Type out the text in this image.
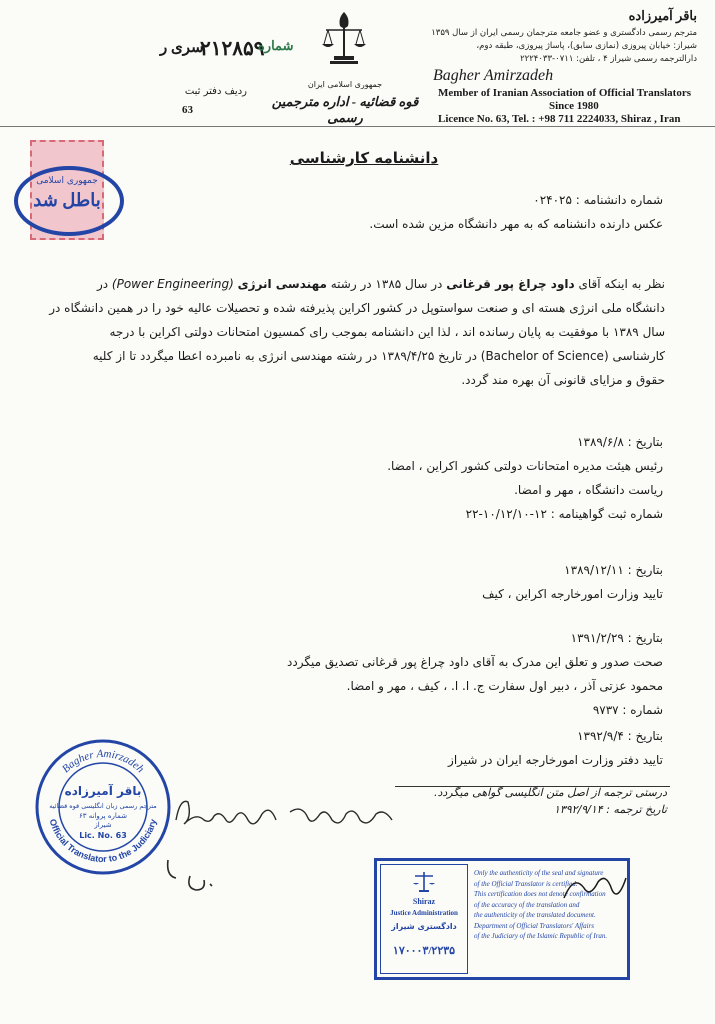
باقر آمیرزاده
مترجم رسمی دادگستری و عضو جامعه مترجمان رسمی ایران از سال ۱۳۵۹
شیراز: خیابان پیروزی (نمازی سابق)، پاساژ پیروزی، طبقه دوم،
دارالترجمه رسمی شیراز ۴ ، تلفن: ۰۷۱۱-۲۲۲۴۰۳۳
Bagher Amirzadeh
Member of Iranian Association of Official Translators
Since 1980
Licence No. 63, Tel. : +98 711 2224033, Shiraz , Iran
جمهوری اسلامی ایران
قوه قضائیه - اداره مترجمین رسمی
سری ر
۲۱۲۸۵۹
شماره
ردیف دفتر ثبت
63
جمهوری اسلامی
باطل شد
دانشنامه کارشناسی
شماره دانشنامه : ۰۲۴۰۲۵
عکس دارنده دانشنامه که به مهر دانشگاه مزین شده است.

نظر به اینکه آقای داود چراغ پور قرغانی در سال ۱۳۸۵ در رشته مهندسی انرژی (Power Engineering) در

دانشگاه ملی انرژی هسته ای و صنعت سواستوپل در کشور اکراین پذیرفته شده و تحصیلات عالیه خود را در همین دانشگاه در

سال ۱۳۸۹ با موفقیت به پایان رسانده اند ، لذا این دانشنامه بموجب رای کمسیون امتحانات دولتی اکراین با درجه

کارشناسی (Bachelor of Science) در تاریخ ۱۳۸۹/۴/۲۵ در رشته مهندسی انرژی به نامبرده اعطا میگردد تا از کلیه

حقوق و مزایای قانونی آن بهره مند گردد.

بتاریخ : ۱۳۸۹/۶/۸

رئیس هیئت مدیره امتحانات دولتی کشور اکراین ، امضا.

ریاست دانشگاه ، مهر و امضا.

شماره ثبت گواهینامه : ۱۲-۱۰/۱۲/۱۰-۲۲

بتاریخ : ۱۳۸۹/۱۲/۱۱

تایید وزارت امورخارجه اکراین ، کیف

بتاریخ : ۱۳۹۱/۲/۲۹

صحت صدور و تعلق این مدرک به آقای داود چراغ پور قرغانی تصدیق میگردد

محمود عزتی آذر ، دبیر اول سفارت ج. ا. ا. ، کیف ، مهر و امضا.

شماره : ۹۷۳۷

بتاریخ : ۱۳۹۲/۹/۴

تایید دفتر وزارت امورخارجه ایران در شیراز

درستی ترجمه از اصل متن انگلیسی گواهی میگردد.
تاریخ ترجمه : ۱۳۹۲/۹/۱۴
Bagher Amirzadeh
Official Translator to the Judiciary
باقر آمیرزاده
مترجم رسمی زبان انگلیسی قوه قضائیه
شماره پروانه ۶۳
شیراز
Lic. No. 63
Shiraz
Justice Administration
دادگستری شیراز
۱۷۰۰۰۳/۲۲۳۵
Only the authenticity of the seal and signature
of the Official Translator is certified.
This certification does not denote confirmation
of the accuracy of the translation and
the authenticity of the translated document.
Department of Official Translators' Affairs
of the Judiciary of the Islamic Republic of Iran.
